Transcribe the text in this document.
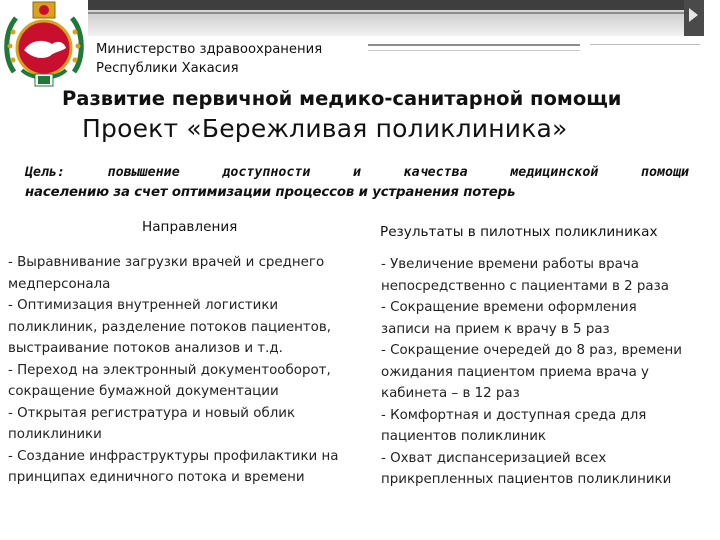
Министерство здравоохранения
Республики Хакасия
Развитие первичной медико-санитарной помощи
Проект «Бережливая поликлиника»
Цель: повышение доступности и качества медицинской помощи
населению за счет оптимизации процессов и устранения потерь
Направления	Результаты в пилотных поликлиниках
- Выравнивание загрузки врачей и среднего
медперсонала
- Оптимизация внутренней логистики
поликлиник, разделение потоков пациентов,
выстраивание потоков анализов и т.д.
- Переход на электронный документооборот,
сокращение бумажной документации
- Открытая регистратура и новый облик
поликлиники
- Создание инфраструктуры профилактики на
принципах единичного потока и времени
- Увеличение времени работы врача
непосредственно с пациентами в 2 раза
- Сокращение времени оформления
записи на прием к врачу в 5 раз
- Сокращение очередей до 8 раз, времени
ожидания пациентом приема врача у
кабинета – в 12 раз
- Комфортная и доступная среда для
пациентов поликлиник
- Охват диспансеризацией всех
прикрепленных пациентов поликлиники
